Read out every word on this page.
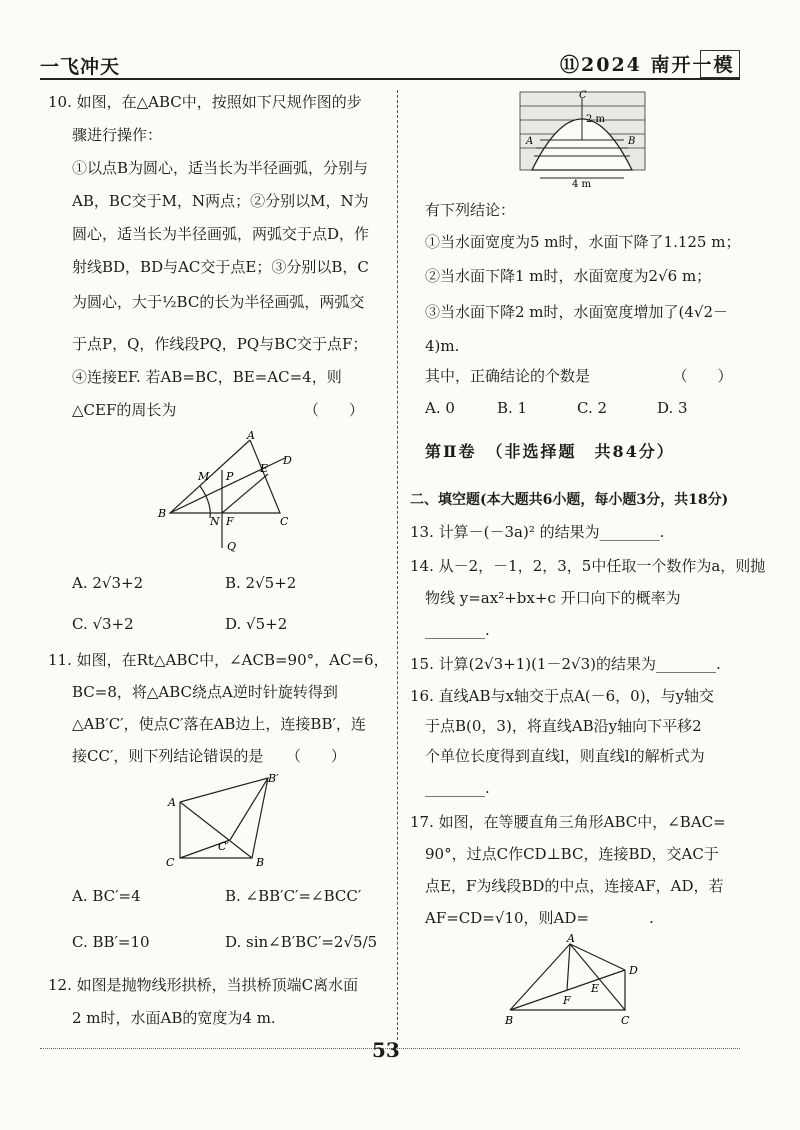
一飞冲天	⑪2024 南开一模
10. 如图，在△ABC中，按照如下尺规作图的步
骤进行操作：
①以点B为圆心，适当长为半径画弧，分别与
AB，BC交于M，N两点；②分别以M，N为
圆心，适当长为半径画弧，两弧交于点D，作
射线BD，BD与AC交于点E；③分别以B，C
为圆心，大于½BC的长为半径画弧，两弧交
于点P，Q，作线段PQ，PQ与BC交于点F；
④连接EF. 若AB=BC，BE=AC=4，则
△CEF的周长为　　　　　　　　　（　　）
A
B
C
D
E
F
M
N
P
Q
A. 2√3+2	B. 2√5+2
C. √3+2	D. √5+2
11. 如图，在Rt△ABC中，∠ACB=90°，AC=6，
BC=8，将△ABC绕点A逆时针旋转得到
△AB′C′，使点C′落在AB边上，连接BB′，连
接CC′，则下列结论错误的是　　（　　）
A
B′
C′
C	B
A. BC′=4	B. ∠BB′C′=∠BCC′
C. BB′=10	D. sin∠B′BC′=2√5/5
12. 如图是抛物线形拱桥，当拱桥顶端C离水面
2 m时，水面AB的宽度为4 m.
C
2 m
A	B
4 m
有下列结论：
①当水面宽度为5 m时，水面下降了1.125 m；
②当水面下降1 m时，水面宽度为2√6 m；
③当水面下降2 m时，水面宽度增加了(4√2－
4)m.
其中，正确结论的个数是　　　　　　（　　）
A. 0	B. 1	C. 2	D. 3
第Ⅱ卷　（非选择题　共84分）
二、填空题(本大题共6小题，每小题3分，共18分)
13. 计算－(－3a)² 的结果为________.
14. 从－2，－1，2，3，5中任取一个数作为a，则抛
物线 y=ax²+bx+c 开口向下的概率为
________.
15. 计算(2√3+1)(1－2√3)的结果为________.
16. 直线AB与x轴交于点A(－6，0)，与y轴交
于点B(0，3)，将直线AB沿y轴向下平移2
个单位长度得到直线l，则直线l的解析式为
________.
17. 如图，在等腰直角三角形ABC中，∠BAC=
90°，过点C作CD⊥BC，连接BD，交AC于
点E，F为线段BD的中点，连接AF，AD，若
AF=CD=√10，则AD=　　　　.
A
B	C
D
E
F
53
